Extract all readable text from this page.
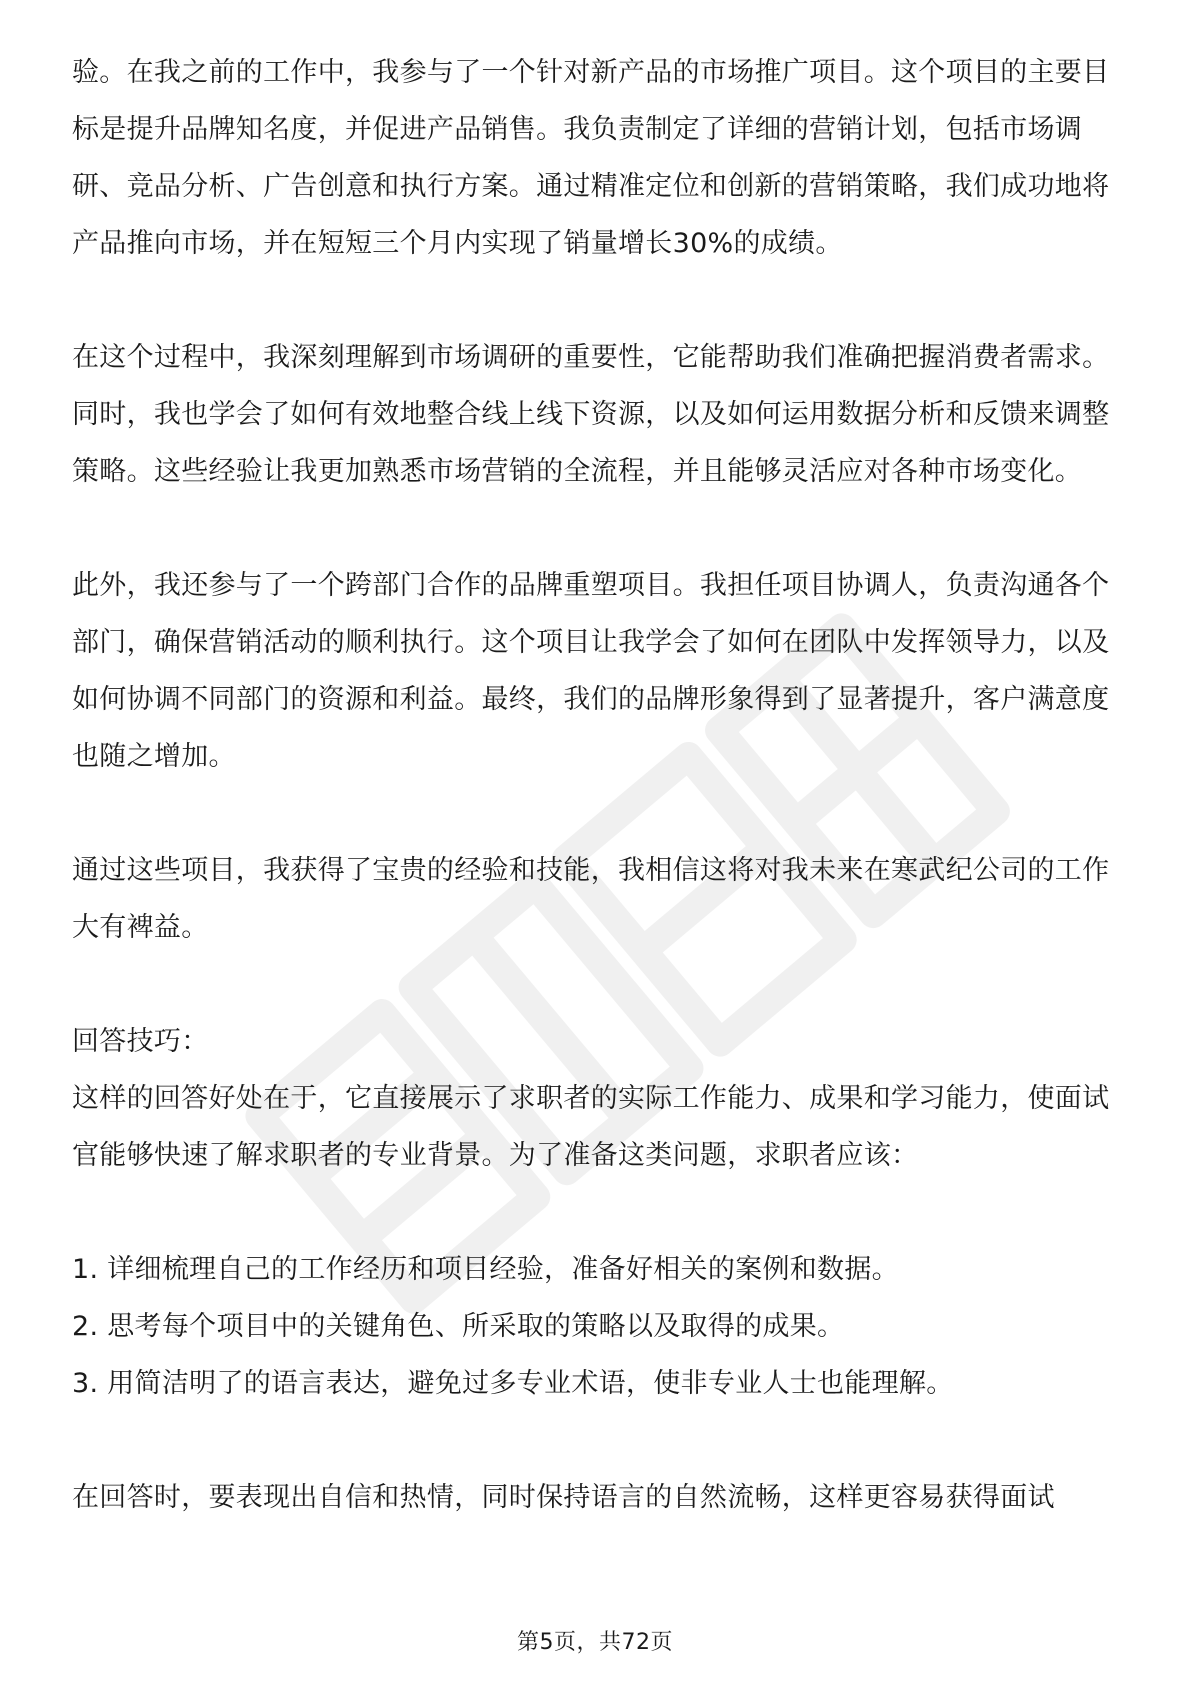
验。在我之前的工作中，我参与了一个针对新产品的市场推广项目。这个项目的主要目标是提升品牌知名度，并促进产品销售。我负责制定了详细的营销计划，包括市场调研、竞品分析、广告创意和执行方案。通过精准定位和创新的营销策略，我们成功地将产品推向市场，并在短短三个月内实现了销量增长30%的成绩。

在这个过程中，我深刻理解到市场调研的重要性，它能帮助我们准确把握消费者需求。同时，我也学会了如何有效地整合线上线下资源，以及如何运用数据分析和反馈来调整策略。这些经验让我更加熟悉市场营销的全流程，并且能够灵活应对各种市场变化。

此外，我还参与了一个跨部门合作的品牌重塑项目。我担任项目协调人，负责沟通各个部门，确保营销活动的顺利执行。这个项目让我学会了如何在团队中发挥领导力，以及如何协调不同部门的资源和利益。最终，我们的品牌形象得到了显著提升，客户满意度也随之增加。

通过这些项目，我获得了宝贵的经验和技能，我相信这将对我未来在寒武纪公司的工作大有裨益。

回答技巧：

这样的回答好处在于，它直接展示了求职者的实际工作能力、成果和学习能力，使面试官能够快速了解求职者的专业背景。为了准备这类问题，求职者应该：

1. 详细梳理自己的工作经历和项目经验，准备好相关的案例和数据。
2. 思考每个项目中的关键角色、所采取的策略以及取得的成果。
3. 用简洁明了的语言表达，避免过多专业术语，使非专业人士也能理解。

在回答时，要表现出自信和热情，同时保持语言的自然流畅，这样更容易获得面试

第5页，共72页
